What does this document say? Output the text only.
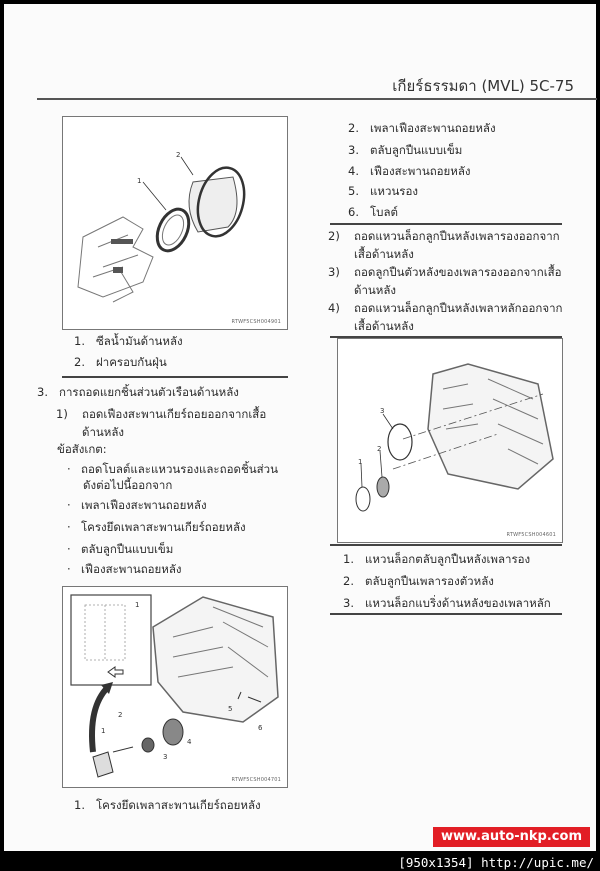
เกียร์ธรรมดา (MVL) 5C-75
1
2
RTWF5CSH004901
1. ซีลน้ำมันด้านหลัง
2. ฝาครอบกันฝุ่น
3. การถอดแยกชิ้นส่วนตัวเรือนด้านหลัง
1) ถอดเฟืองสะพานเกียร์ถอยออกจากเสื้อ
ด้านหลัง
ข้อสังเกต:
· ถอดโบลต์และแหวนรองและถอดชิ้นส่วน
ดังต่อไปนี้ออกจาก
· เพลาเฟืองสะพานถอยหลัง
· โครงยึดเพลาสะพานเกียร์ถอยหลัง
· ตลับลูกปืนแบบเข็ม
· เฟืองสะพานถอยหลัง
1
1
2
3
4
5
6
RTWF5CSH004701
1. โครงยึดเพลาสะพานเกียร์ถอยหลัง
2. เพลาเฟืองสะพานถอยหลัง
3. ตลับลูกปืนแบบเข็ม
4. เฟืองสะพานถอยหลัง
5. แหวนรอง
6. โบลต์
2) ถอดแหวนล็อกลูกปืนหลังเพลารองออกจาก
เสื้อด้านหลัง
3) ถอดลูกปืนตัวหลังของเพลารองออกจากเสื้อ
ด้านหลัง
4) ถอดแหวนล็อกลูกปืนหลังเพลาหลักออกจาก
เสื้อด้านหลัง
3
2
1
RTWF5CSH004601
1. แหวนล็อกตลับลูกปืนหลังเพลารอง
2. ตลับลูกปืนเพลารองตัวหลัง
3. แหวนล็อกแบริ่งด้านหลังของเพลาหลัก
www.auto-nkp.com
[950x1354] http://upic.me/
